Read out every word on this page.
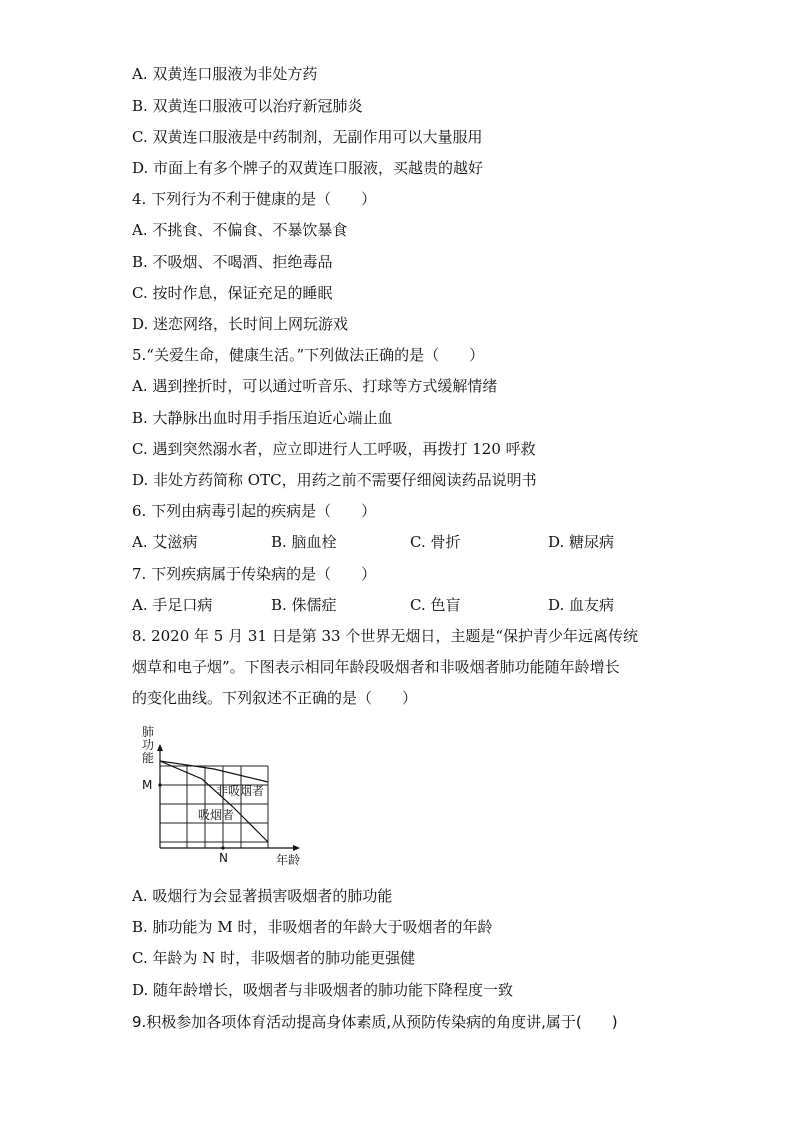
A. 双黄连口服液为非处方药
B. 双黄连口服液可以治疗新冠肺炎
C. 双黄连口服液是中药制剂，无副作用可以大量服用
D. 市面上有多个牌子的双黄连口服液，买越贵的越好
4. 下列行为不利于健康的是（　　）
A. 不挑食、不偏食、不暴饮暴食
B. 不吸烟、不喝酒、拒绝毒品
C. 按时作息，保证充足的睡眠
D. 迷恋网络，长时间上网玩游戏
5.“关爱生命，健康生活。”下列做法正确的是（　　）
A. 遇到挫折时，可以通过听音乐、打球等方式缓解情绪
B. 大静脉出血时用手指压迫近心端止血
C. 遇到突然溺水者，应立即进行人工呼吸，再拨打 120 呼救
D. 非处方药简称 OTC，用药之前不需要仔细阅读药品说明书
6. 下列由病毒引起的疾病是（　　）
A. 艾滋病	B. 脑血栓	C. 骨折	D. 糖尿病
7. 下列疾病属于传染病的是（　　）
A. 手足口病	B. 侏儒症	C. 色盲	D. 血友病
8. 2020 年 5 月 31 日是第 33 个世界无烟日，主题是“保护青少年远离传统
烟草和电子烟”。下图表示相同年龄段吸烟者和非吸烟者肺功能随年龄增长
的变化曲线。下列叙述不正确的是（　　）
肺
功
能
M
N	年龄
非吸烟者
吸烟者
A. 吸烟行为会显著损害吸烟者的肺功能
B. 肺功能为 M 时，非吸烟者的年龄大于吸烟者的年龄
C. 年龄为 N 时，非吸烟者的肺功能更强健
D. 随年龄增长，吸烟者与非吸烟者的肺功能下降程度一致
9.积极参加各项体育活动提高身体素质,从预防传染病的角度讲,属于(　　)
